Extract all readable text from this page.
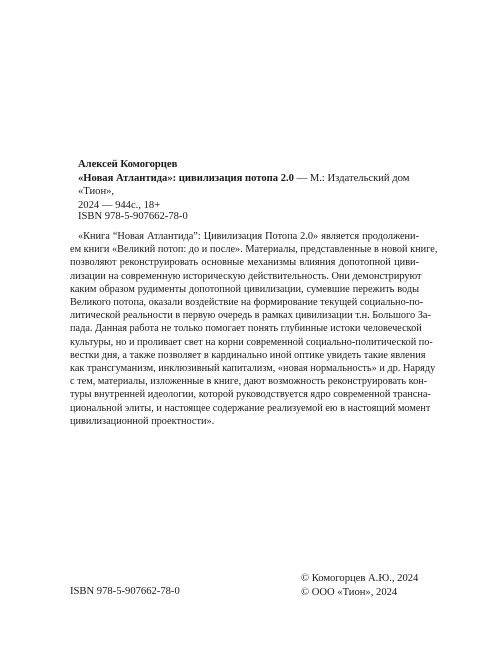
Алексей Комогорцев
«Новая Атлантида»: цивилизация потопа 2.0 — М.: Издательский дом «Тион»,
2024 — 944с., 18+
ISBN 978-5-907662-78-0
«Книга “Новая Атлантида”: Цивилизация Потопа 2.0» является продолжени-
ем книги «Великий потоп: до и после». Материалы, представленные в новой книге,
позволяют реконструировать основные механизмы влияния допотопной циви-
лизации на современную историческую действительность. Они демонстрируют
каким образом рудименты допотопной цивилизации, сумевшие пережить воды
Великого потопа, оказали воздействие на формирование текущей социально-по-
литической реальности в первую очередь в рамках цивилизации т.н. Большого За-
пада. Данная работа не только помогает понять глубинные истоки человеческой
культуры, но и проливает свет на корни современной социально-политической по-
вестки дня, а также позволяет в кардинально иной оптике увидеть такие явления
как трансгуманизм, инклюзивный капитализм, «новая нормальность» и др. Наряду
с тем, материалы, изложенные в книге, дают возможность реконструировать кон-
туры внутренней идеологии, которой руководствуется ядро современной трансна-
циональной элиты, и настоящее содержание реализуемой ею в настоящий момент
цивилизационной проектности».
ISBN 978-5-907662-78-0
© Комогорцев А.Ю., 2024
© ООО «Тион», 2024
